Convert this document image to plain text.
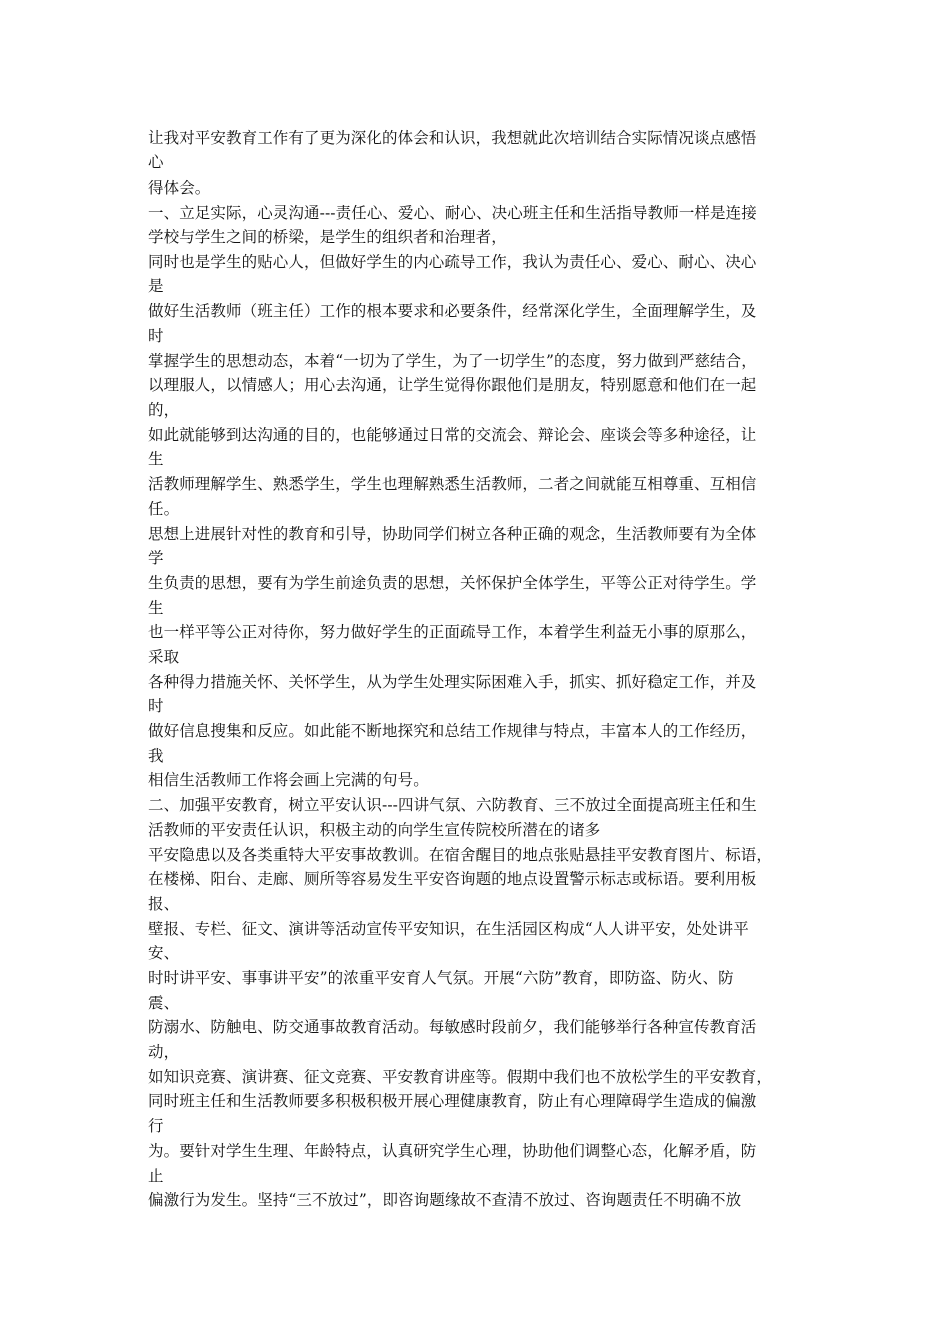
让我对平安教育工作有了更为深化的体会和认识，我想就此次培训结合实际情况谈点感悟
心
得体会。
一、立足实际，心灵沟通---责任心、爱心、耐心、决心班主任和生活指导教师一样是连接
学校与学生之间的桥梁，是学生的组织者和治理者，
同时也是学生的贴心人，但做好学生的内心疏导工作，我认为责任心、爱心、耐心、决心
是
做好生活教师（班主任）工作的根本要求和必要条件，经常深化学生，全面理解学生，及
时
掌握学生的思想动态，本着“一切为了学生，为了一切学生”的态度，努力做到严慈结合，
以理服人，以情感人；用心去沟通，让学生觉得你跟他们是朋友，特别愿意和他们在一起
的，
如此就能够到达沟通的目的，也能够通过日常的交流会、辩论会、座谈会等多种途径，让
生
活教师理解学生、熟悉学生，学生也理解熟悉生活教师，二者之间就能互相尊重、互相信
任。
思想上进展针对性的教育和引导，协助同学们树立各种正确的观念，生活教师要有为全体
学
生负责的思想，要有为学生前途负责的思想，关怀保护全体学生，平等公正对待学生。学
生
也一样平等公正对待你，努力做好学生的正面疏导工作，本着学生利益无小事的原那么，
采取
各种得力措施关怀、关怀学生，从为学生处理实际困难入手，抓实、抓好稳定工作，并及
时
做好信息搜集和反应。如此能不断地探究和总结工作规律与特点，丰富本人的工作经历，
我
相信生活教师工作将会画上完满的句号。
二、加强平安教育，树立平安认识---四讲气氛、六防教育、三不放过全面提高班主任和生
活教师的平安责任认识，积极主动的向学生宣传院校所潜在的诸多
平安隐患以及各类重特大平安事故教训。在宿舍醒目的地点张贴悬挂平安教育图片、标语，
在楼梯、阳台、走廊、厕所等容易发生平安咨询题的地点设置警示标志或标语。要利用板
报、
壁报、专栏、征文、演讲等活动宣传平安知识，在生活园区构成“人人讲平安，处处讲平
安、
时时讲平安、事事讲平安”的浓重平安育人气氛。开展“六防”教育，即防盗、防火、防
震、
防溺水、防触电、防交通事故教育活动。每敏感时段前夕，我们能够举行各种宣传教育活
动，
如知识竞赛、演讲赛、征文竞赛、平安教育讲座等。假期中我们也不放松学生的平安教育，
同时班主任和生活教师要多积极积极开展心理健康教育，防止有心理障碍学生造成的偏激
行
为。要针对学生生理、年龄特点，认真研究学生心理，协助他们调整心态，化解矛盾，防
止
偏激行为发生。坚持“三不放过”，即咨询题缘故不查清不放过、咨询题责任不明确不放
